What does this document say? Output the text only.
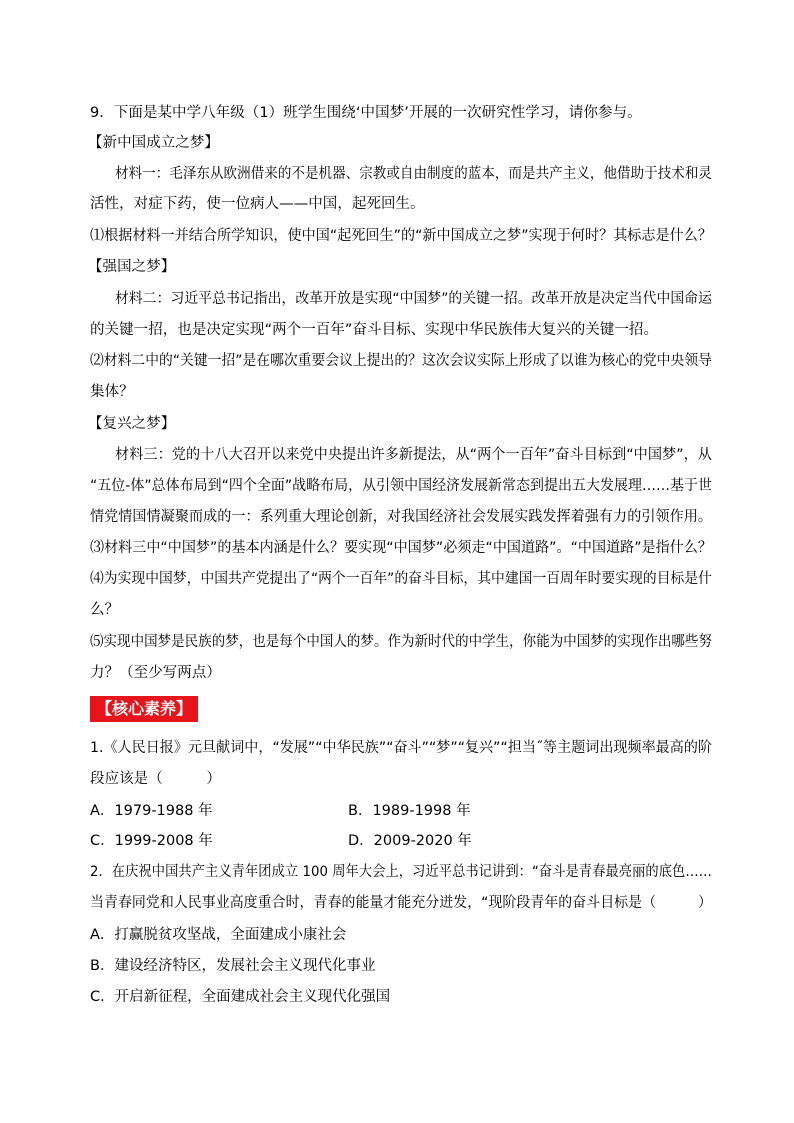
9．下面是某中学八年级（1）班学生围绕‘中国梦’开展的一次研究性学习，请你参与。
【新中国成立之梦】
材料一：毛泽东从欧洲借来的不是机器、宗教或自由制度的蓝本，而是共产主义，他借助于技术和灵
活性，对症下药，使一位病人——中国，起死回生。
⑴根据材料一并结合所学知识，使中国“起死回生”的“新中国成立之梦”实现于何时？其标志是什么？
【强国之梦】
材料二：习近平总书记指出，改革开放是实现“中国梦”的关键一招。改革开放是决定当代中国命运
的关键一招，也是决定实现“两个一百年”奋斗目标、实现中华民族伟大复兴的关键一招。
⑵材料二中的“关键一招”是在哪次重要会议上提出的？这次会议实际上形成了以谁为核心的党中央领导
集体？
【复兴之梦】
材料三：党的十八大召开以来党中央提出许多新提法，从“两个一百年”奋斗目标到“中国梦”，从
“五位-体”总体布局到“四个全面”战略布局，从引领中国经济发展新常态到提出五大发展理……基于世
情党情国情凝聚而成的一：系列重大理论创新，对我国经济社会发展实践发挥着强有力的引领作用。
⑶材料三中“中国梦”的基本内涵是什么？要实现“中国梦”必须走“中国道路”。“中国道路”是指什么？
⑷为实现中国梦，中国共产党提出了“两个一百年”的奋斗目标，其中建国一百周年时要实现的目标是什
么？
⑸实现中国梦是民族的梦，也是每个中国人的梦。作为新时代的中学生，你能为中国梦的实现作出哪些努
力？（至少写两点）
【核心素养】
1.《人民日报》元旦献词中，“发展”“中华民族”“奋斗”“梦”“复兴”“担当˝等主题词出现频率最高的阶
段应该是（　　　）
A．1979-1988 年	B．1989-1998 年
C．1999-2008 年	D．2009-2020 年
2．在庆祝中国共产主义青年团成立 100 周年大会上，习近平总书记讲到：“奋斗是青春最亮丽的底色……
当青春同党和人民事业高度重合时，青春的能量才能充分迸发，“现阶段青年的奋斗目标是（　　　）
A．打赢脱贫攻坚战，全面建成小康社会
B．建设经济特区，发展社会主义现代化事业
C．开启新征程，全面建成社会主义现代化强国
